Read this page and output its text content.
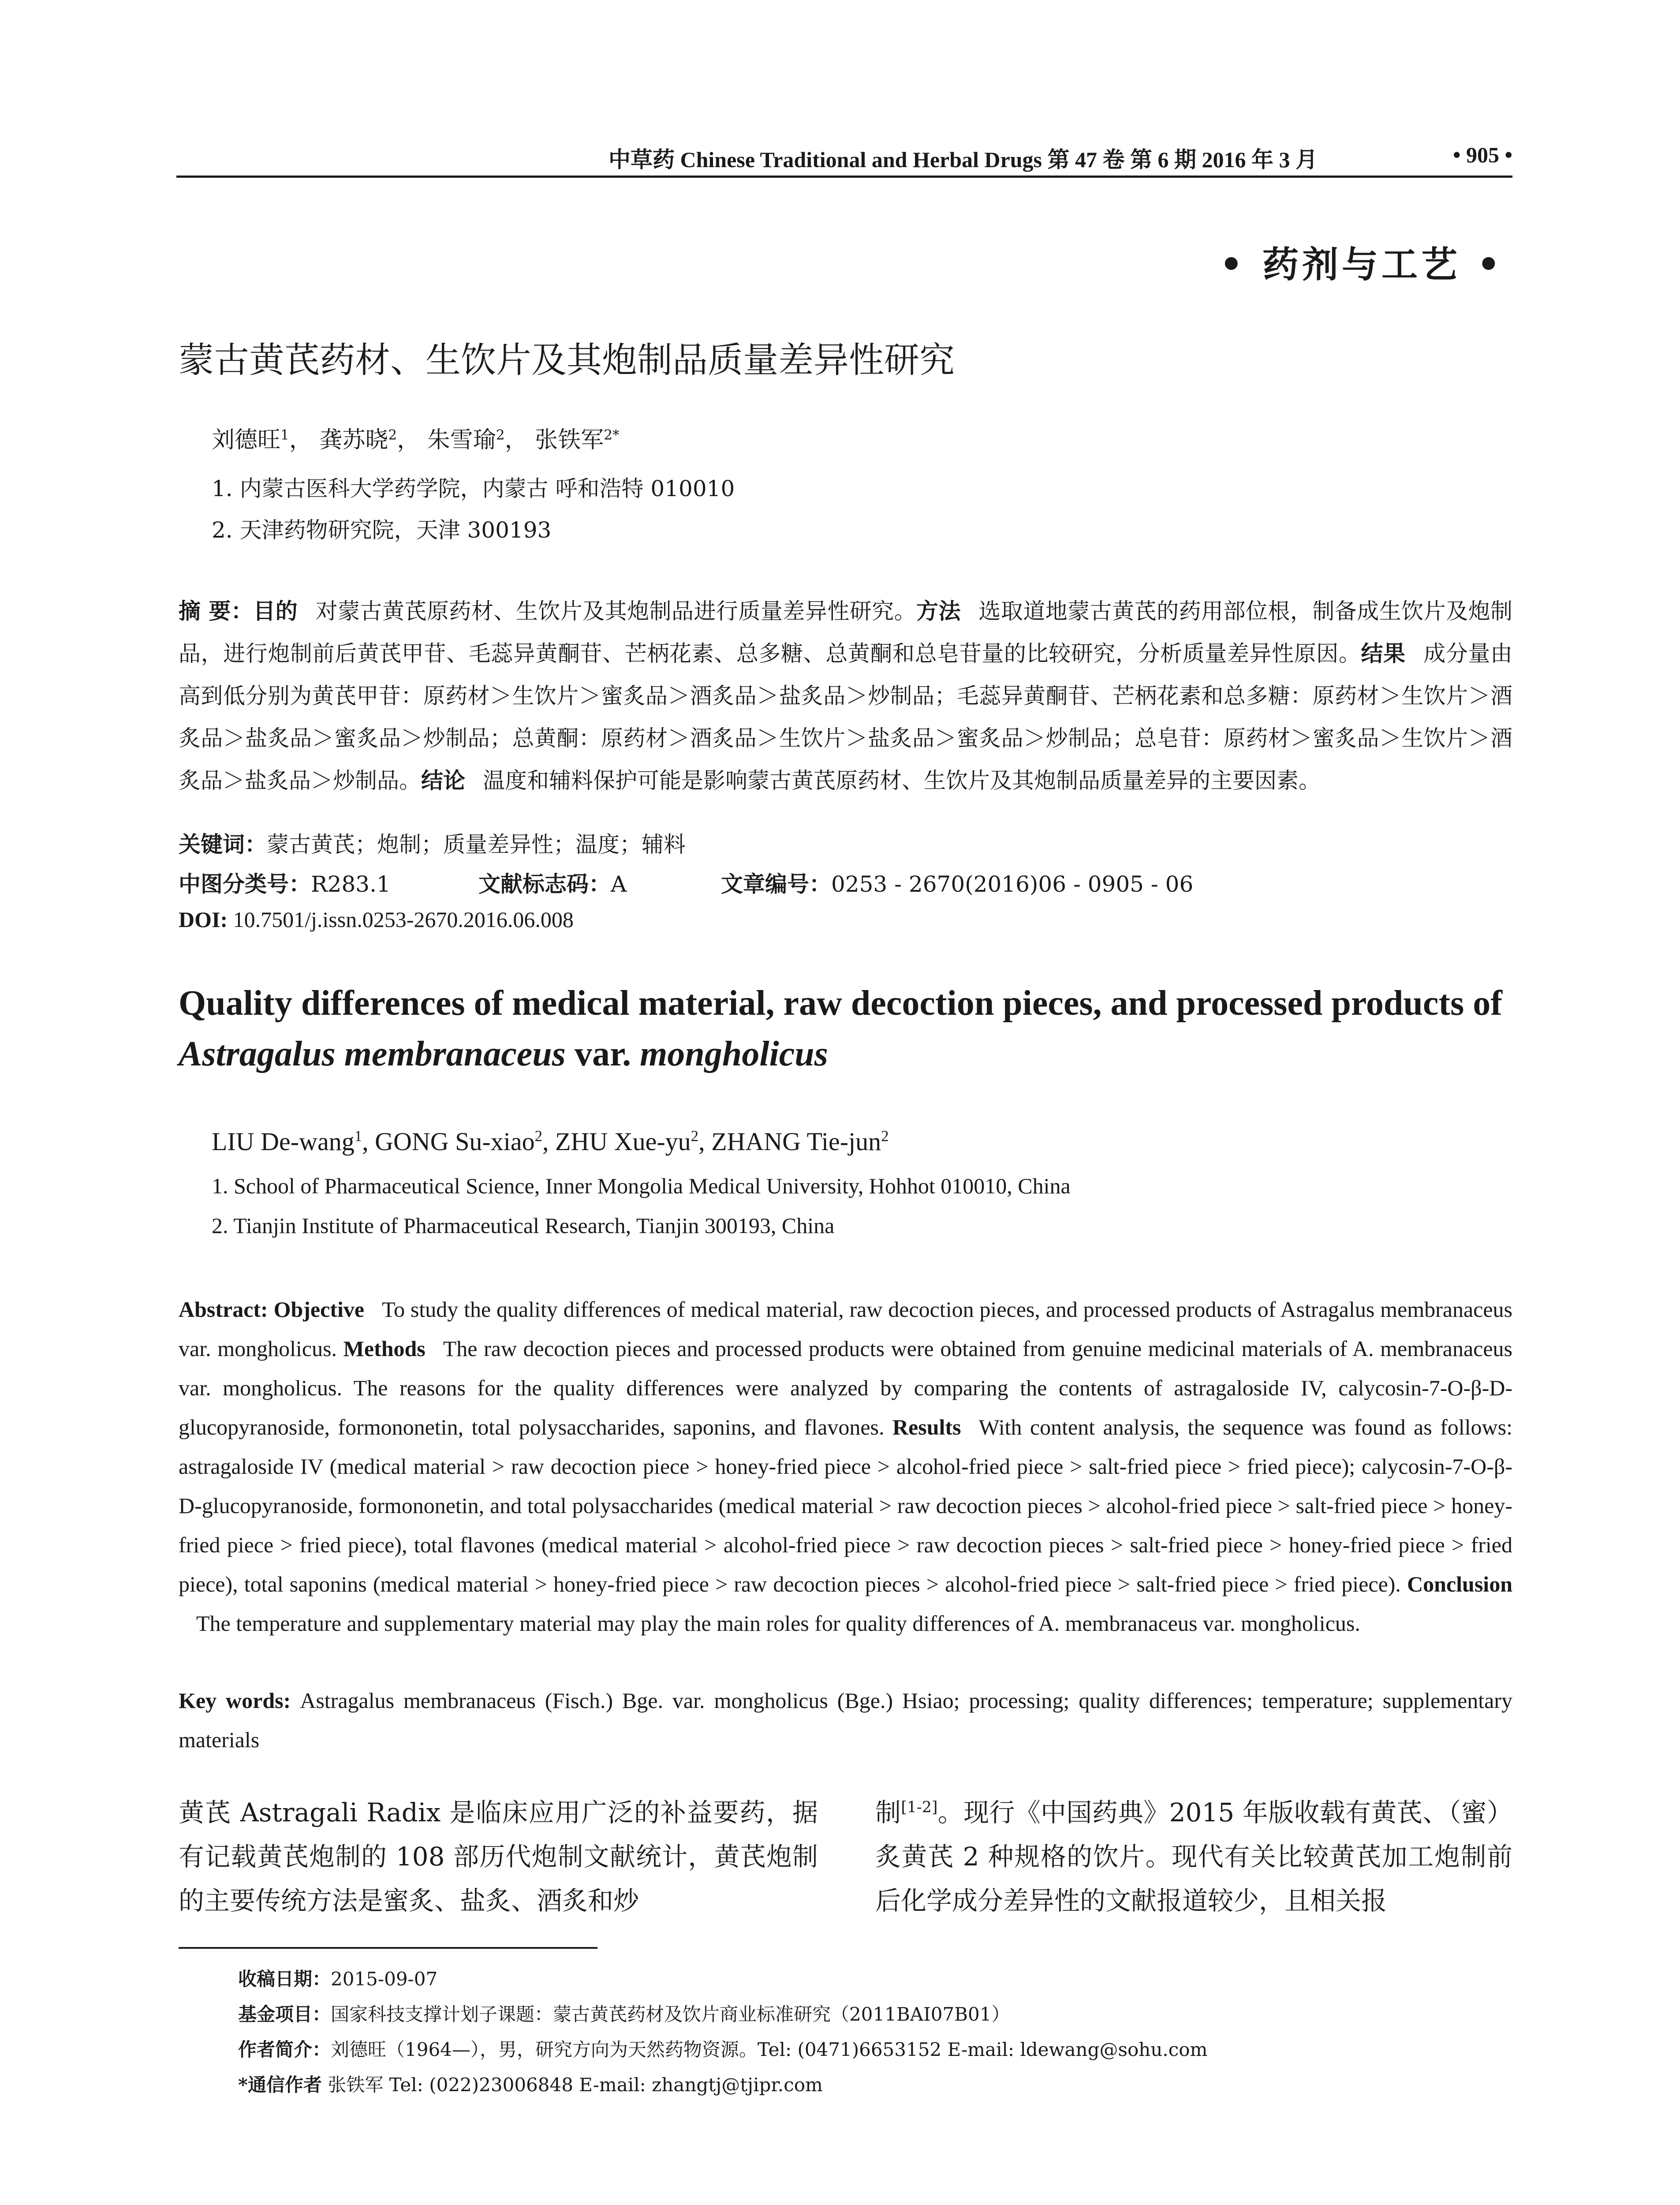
中草药 Chinese Traditional and Herbal Drugs 第 47 卷 第 6 期 2016 年 3 月	• 905 •
• 药剂与工艺 •
蒙古黄芪药材、生饮片及其炮制品质量差异性研究
刘德旺$^1$， 龚苏晓$^2$， 朱雪瑜$^2$， 张铁军$^{2*}$
1. 内蒙古医科大学药学院，内蒙古 呼和浩特 010010
2. 天津药物研究院，天津 300193
摘 要：目的 对蒙古黄芪原药材、生饮片及其炮制品进行质量差异性研究。方法 选取道地蒙古黄芪的药用部位根，制备成生饮片及炮制品，进行炮制前后黄芪甲苷、毛蕊异黄酮苷、芒柄花素、总多糖、总黄酮和总皂苷量的比较研究，分析质量差异性原因。结果 成分量由高到低分别为黄芪甲苷：原药材＞生饮片＞蜜炙品＞酒炙品＞盐炙品＞炒制品；毛蕊异黄酮苷、芒柄花素和总多糖：原药材＞生饮片＞酒炙品＞盐炙品＞蜜炙品＞炒制品；总黄酮：原药材＞酒炙品＞生饮片＞盐炙品＞蜜炙品＞炒制品；总皂苷：原药材＞蜜炙品＞生饮片＞酒炙品＞盐炙品＞炒制品。结论 温度和辅料保护可能是影响蒙古黄芪原药材、生饮片及其炮制品质量差异的主要因素。
关键词：蒙古黄芪；炮制；质量差异性；温度；辅料
中图分类号：R283.1	文献标志码：A	文章编号：0253 - 2670(2016)06 - 0905 - 06
DOI: 10.7501/j.issn.0253-2670.2016.06.008
Quality differences of medical material, raw decoction pieces, and processed products of Astragalus membranaceus var. mongholicus
LIU De-wang$^1$, GONG Su-xiao$^2$, ZHU Xue-$yu^2$, ZHANG Tie-jun$^2$
1. School of Pharmaceutical Science, Inner Mongolia Medical University, Hohhot 010010, China
2. Tianjin Institute of Pharmaceutical Research, Tianjin 300193, China
Abstract: Objective To study the quality differences of medical material, raw decoction pieces, and processed products of Astragalus membranaceus var. mongholicus. Methods The raw decoction pieces and processed products were obtained from genuine medicinal materials of A. membranaceus var. mongholicus. The reasons for the quality differences were analyzed by comparing the contents of astragaloside IV, calycosin-7-O-β-D-glucopyranoside, formononetin, total polysaccharides, saponins, and flavones. Results With content analysis, the sequence was found as follows: astragaloside IV (medical material > raw decoction piece > honey-fried piece > alcohol-fried piece > salt-fried piece > fried piece); calycosin-7-O-β-D-glucopyranoside, formononetin, and total polysaccharides (medical material > raw decoction pieces > alcohol-fried piece > salt-fried piece > honey-fried piece > fried piece), total flavones (medical material > alcohol-fried piece > raw decoction pieces > salt-fried piece > honey-fried piece > fried piece), total saponins (medical material > honey-fried piece > raw decoction pieces > alcohol-fried piece > salt-fried piece > fried piece). ConclusionThe temperature and supplementary material may play the main roles for quality differences of A. membranaceus var. mongholicus.
Key words: Astragalus membranaceus (Fisch.) Bge. var. mongholicus (Bge.) Hsiao; processing; quality differences; temperature; supplementary materials
黄芪 Astragali Radix 是临床应用广泛的补益要药，据有记载黄芪炮制的 108 部历代炮制文献统计，黄芪炮制的主要传统方法是蜜炙、盐炙、酒炙和炒
制[1-2]。现行《中国药典》2015 年版收载有黄芪、（蜜）炙黄芪 2 种规格的饮片。现代有关比较黄芪加工炮制前后化学成分差异性的文献报道较少，且相关报
收稿日期：2015-09-07
基金项目：国家科技支撑计划子课题：蒙古黄芪药材及饮片商业标准研究（2011BAI07B01）
作者简介：刘德旺（1964—），男，研究方向为天然药物资源。Tel: (0471)6653152 E-mail: ldewang@sohu.com
*通信作者 张铁军 Tel: (022)23006848 E-mail: zhangtj@tjipr.com
